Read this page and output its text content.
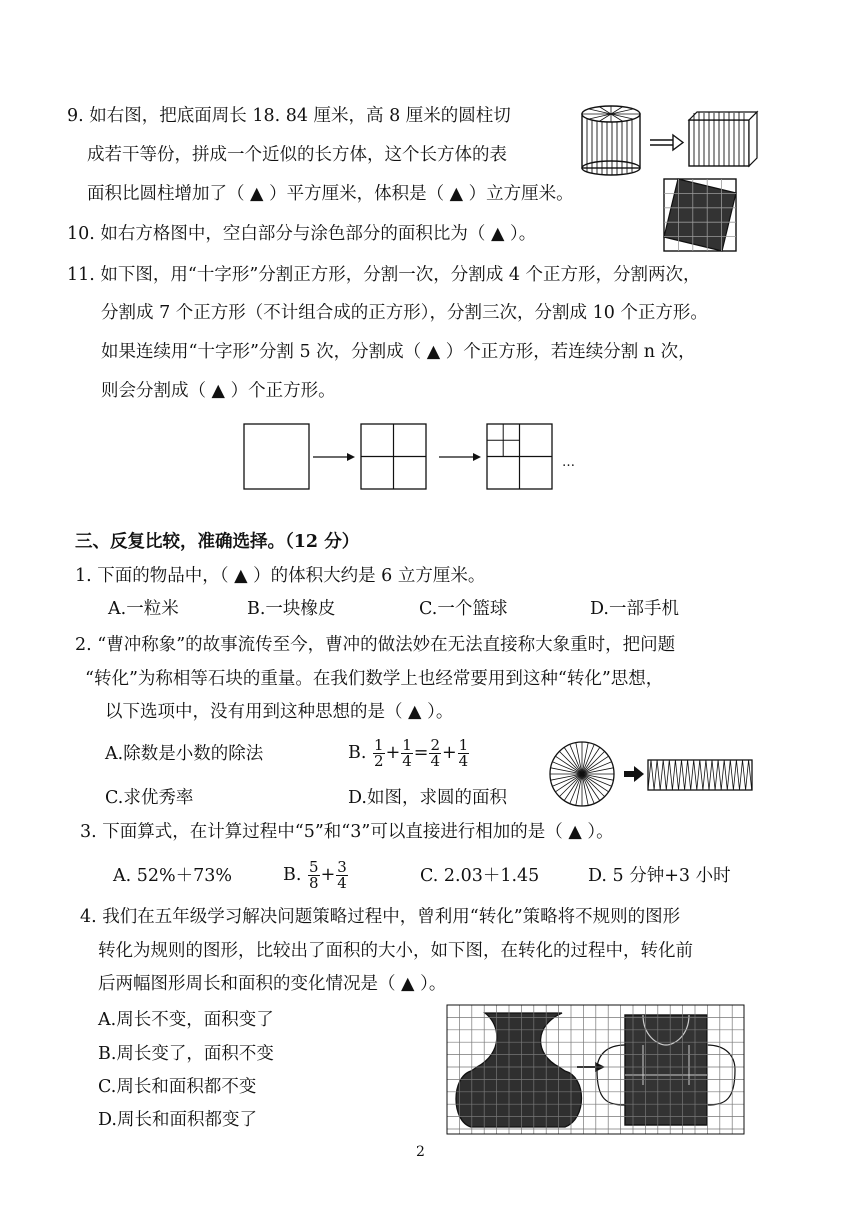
9. 如右图，把底面周长 18. 84 厘米，高 8 厘米的圆柱切
成若干等份，拼成一个近似的长方体，这个长方体的表
面积比圆柱增加了（ ▲ ）平方厘米，体积是（ ▲ ）立方厘米。
10. 如右方格图中，空白部分与涂色部分的面积比为（ ▲ ）。
11. 如下图，用“十字形”分割正方形，分割一次，分割成 4 个正方形，分割两次，
分割成 7 个正方形（不计组合成的正方形），分割三次，分割成 10 个正方形。
如果连续用“十字形”分割 5 次，分割成（ ▲ ）个正方形，若连续分割 n 次，
则会分割成（ ▲ ）个正方形。
…
三、反复比较，准确选择。（12 分）
1. 下面的物品中，（ ▲ ）的体积大约是 6 立方厘米。
A.一粒米	B.一块橡皮	C.一个篮球	D.一部手机
2. “曹冲称象”的故事流传至今，曹冲的做法妙在无法直接称大象重时，把问题
“转化”为称相等石块的重量。在我们数学上也经常要用到这种“转化”思想，
以下选项中，没有用到这种思想的是（ ▲ ）。
A.除数是小数的除法	B. $\frac{1}{2} + \frac{1}{4} = \frac{2}{4} + \frac{1}{4}$
C.求优秀率	D.如图，求圆的面积
3. 下面算式，在计算过程中“5”和“3”可以直接进行相加的是（ ▲ ）。
A. 52%＋73%	B. $\frac{5}{8} + \frac{3}{4}$	C. 2.03＋1.45	D. 5 分钟+3 小时
4. 我们在五年级学习解决问题策略过程中，曾利用“转化”策略将不规则的图形
转化为规则的图形，比较出了面积的大小，如下图，在转化的过程中，转化前
后两幅图形周长和面积的变化情况是（ ▲ ）。
A.周长不变，面积变了
B.周长变了，面积不变
C.周长和面积都不变
D.周长和面积都变了
2
